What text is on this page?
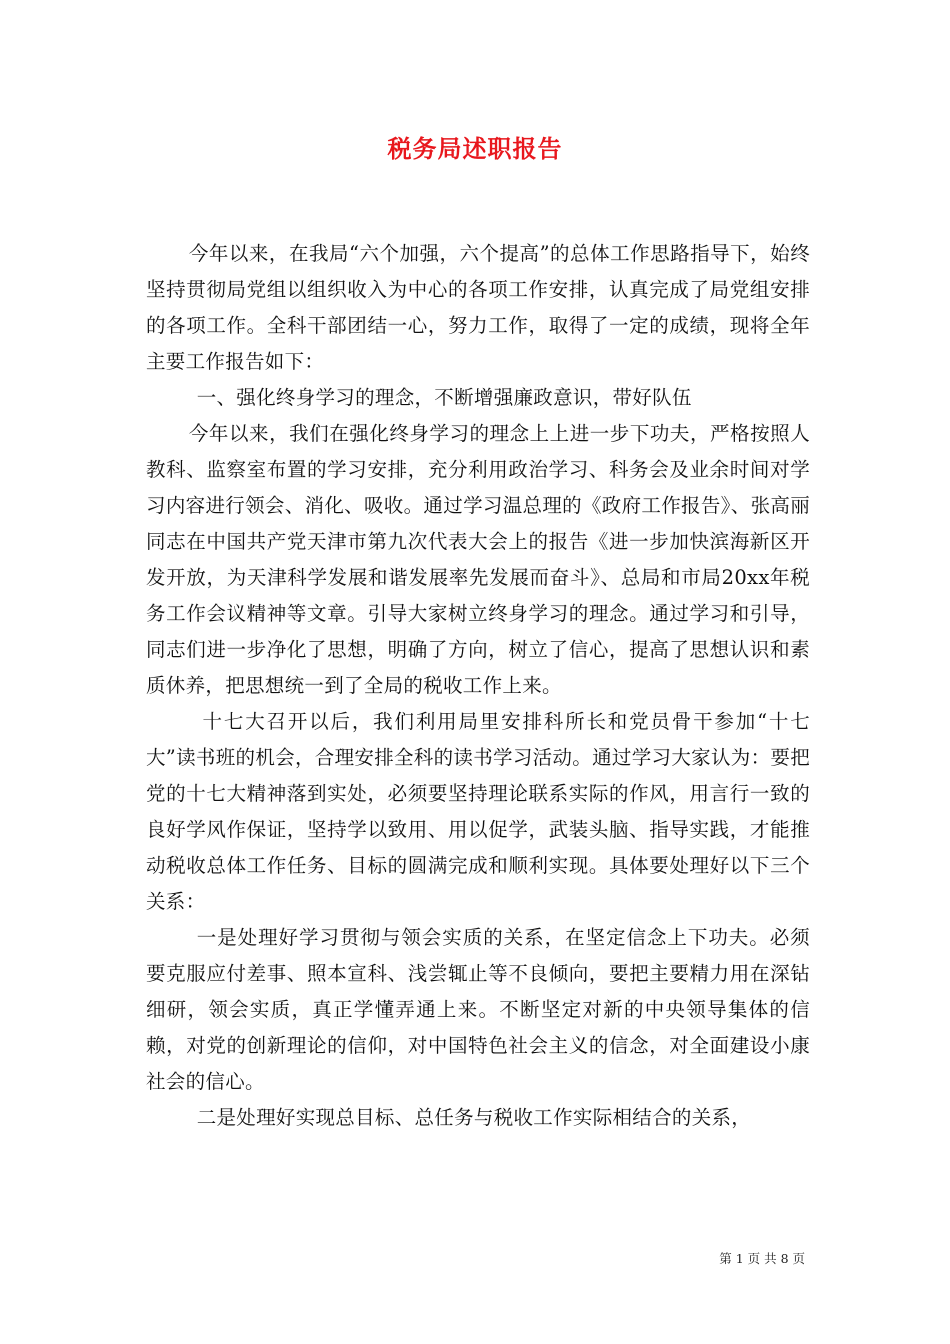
税务局述职报告

今年以来，在我局“六个加强，六个提高”的总体工作思路指导下，始终坚持贯彻局党组以组织收入为中心的各项工作安排，认真完成了局党组安排的各项工作。全科干部团结一心，努力工作，取得了一定的成绩，现将全年主要工作报告如下：

一、强化终身学习的理念，不断增强廉政意识，带好队伍

今年以来，我们在强化终身学习的理念上上进一步下功夫，严格按照人教科、监察室布置的学习安排，充分利用政治学习、科务会及业余时间对学习内容进行领会、消化、吸收。通过学习温总理的《政府工作报告》、张高丽同志在中国共产党天津市第九次代表大会上的报告《进一步加快滨海新区开发开放，为天津科学发展和谐发展率先发展而奋斗》、总局和市局20xx年税务工作会议精神等文章。引导大家树立终身学习的理念。通过学习和引导，同志们进一步净化了思想，明确了方向，树立了信心，提高了思想认识和素质休养，把思想统一到了全局的税收工作上来。

十七大召开以后，我们利用局里安排科所长和党员骨干参加“十七大”读书班的机会，合理安排全科的读书学习活动。通过学习大家认为：要把党的十七大精神落到实处，必须要坚持理论联系实际的作风，用言行一致的良好学风作保证，坚持学以致用、用以促学，武装头脑、指导实践，才能推动税收总体工作任务、目标的圆满完成和顺利实现。具体要处理好以下三个关系：

一是处理好学习贯彻与领会实质的关系，在坚定信念上下功夫。必须要克服应付差事、照本宣科、浅尝辄止等不良倾向，要把主要精力用在深钻细研，领会实质，真正学懂弄通上来。不断坚定对新的中央领导集体的信赖，对党的创新理论的信仰，对中国特色社会主义的信念，对全面建设小康社会的信心。

二是处理好实现总目标、总任务与税收工作实际相结合的关系，

第 1 页 共 8 页
